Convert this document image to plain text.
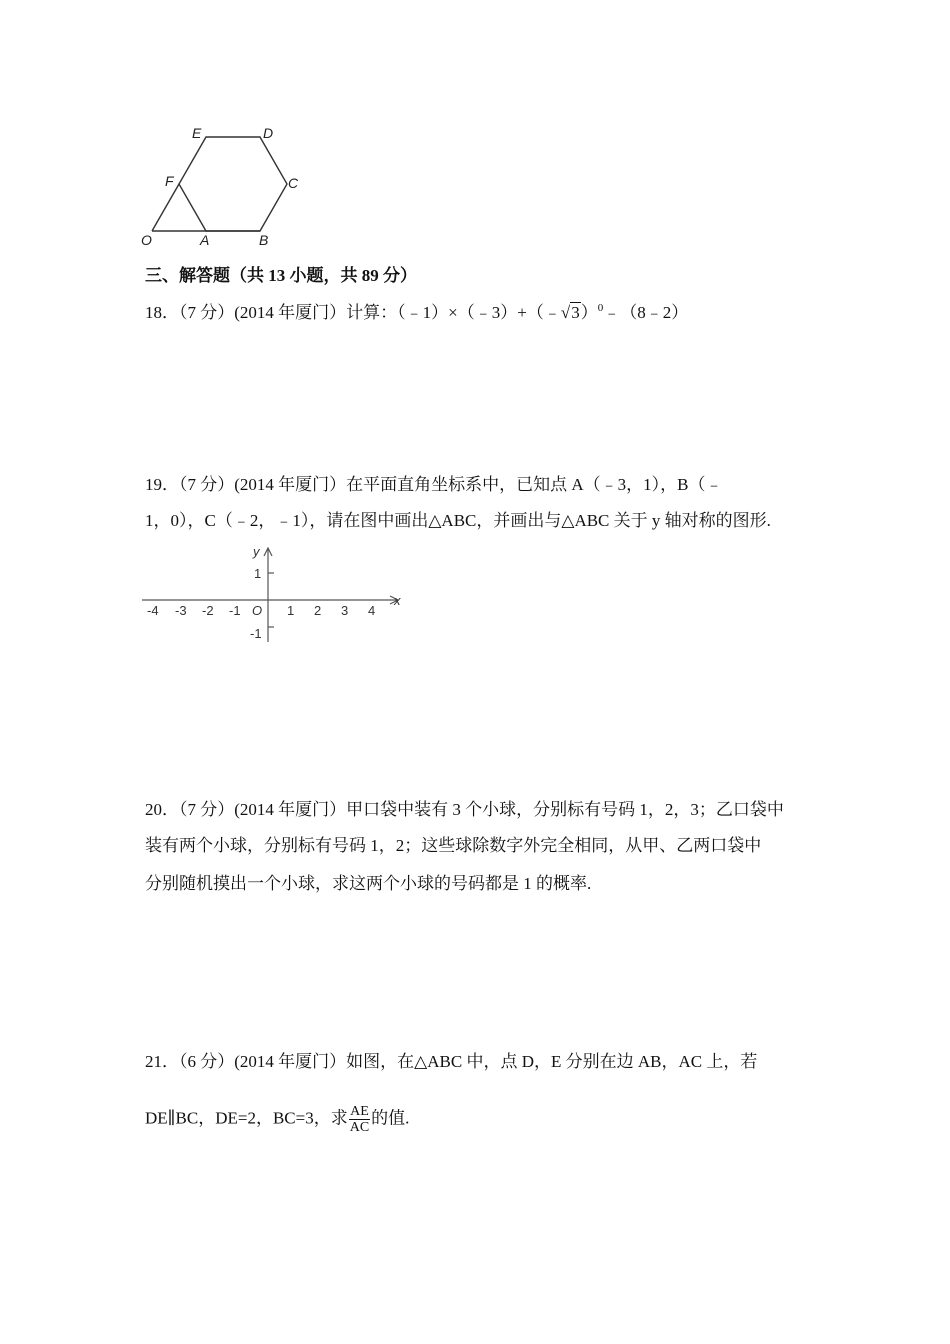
O	A	B
C
D
E
F
三、解答题（共 13 小题，共 89 分）
18．（7 分）(2014 年厦门）计算：（﹣1）×（﹣3）+（﹣√3）$^0$﹣（8﹣2）
19．（7 分）(2014 年厦门）在平面直角坐标系中，已知点 A（﹣3，1），B（﹣
1，0），C（﹣2，﹣1），请在图中画出△ABC，并画出与△ABC 关于 y 轴对称的图形.
x
y
O
-4 -3 -2 -1	1 2 3 4
1
-1
20．（7 分）(2014 年厦门）甲口袋中装有 3 个小球，分别标有号码 1，2，3；乙口袋中
装有两个小球，分别标有号码 1，2；这些球除数字外完全相同，从甲、乙两口袋中
分别随机摸出一个小球，求这两个小球的号码都是 1 的概率.
21．（6 分）(2014 年厦门）如图，在△ABC 中，点 D，E 分别在边 AB，AC 上，若
DE∥BC，DE=2，BC=3，求 $\frac{AE}{AC}$ 的值.
